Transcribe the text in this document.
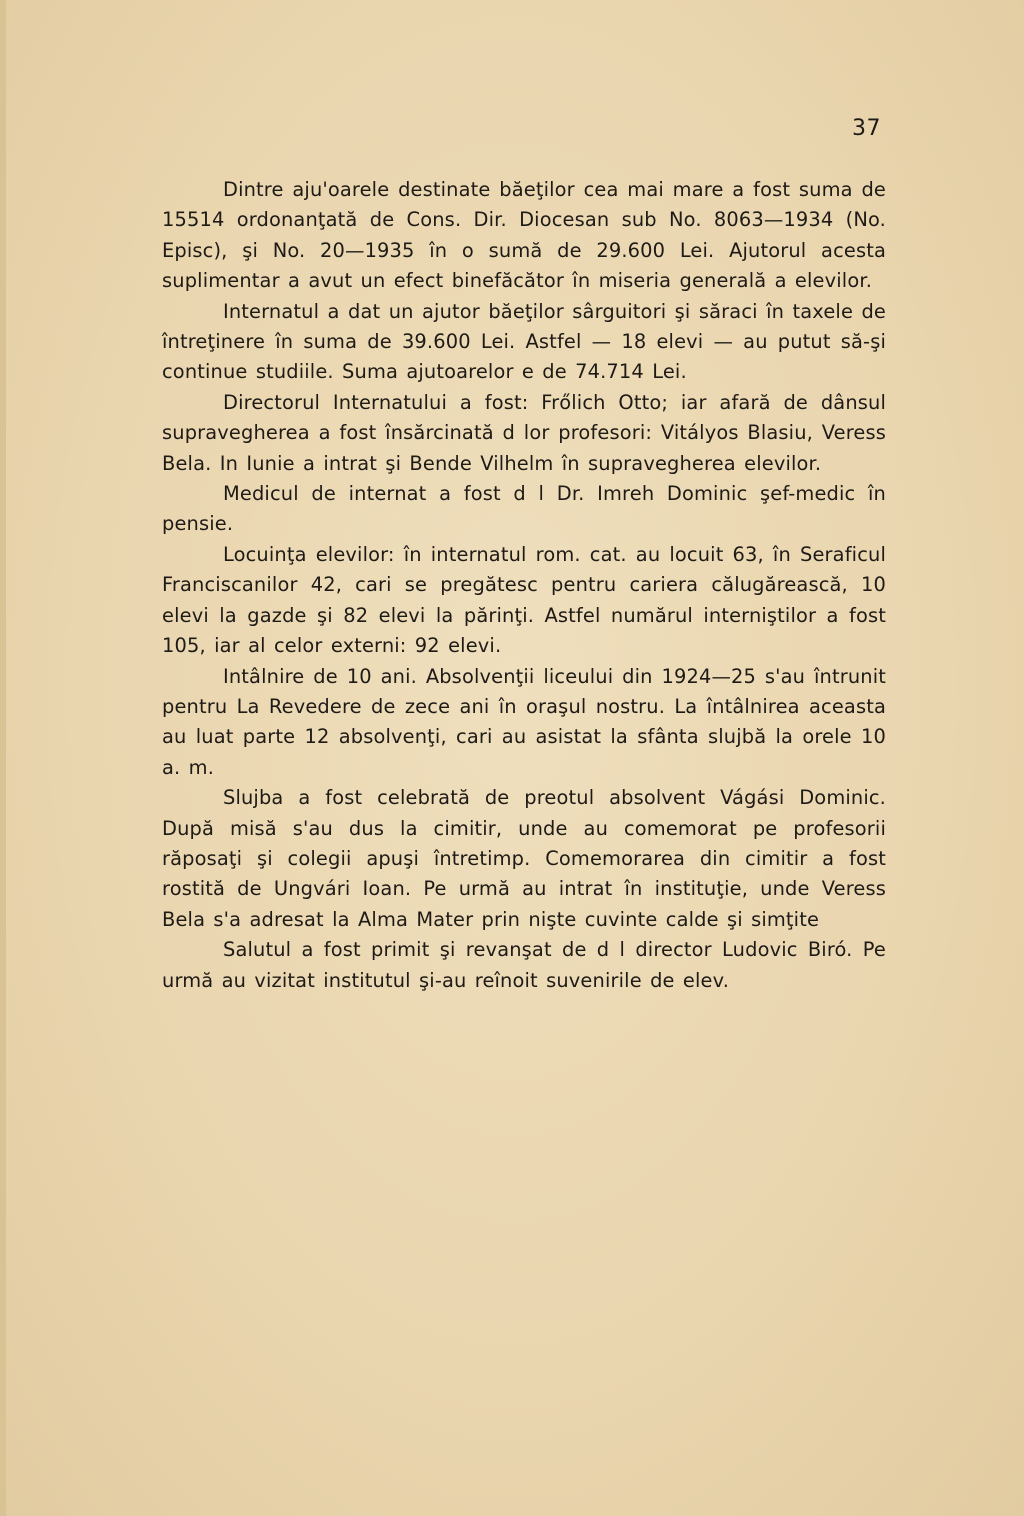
37

Dintre aju'oarele destinate băeţilor cea mai mare a fost suma de 15514 ordonanţată de Cons. Dir. Diocesan sub No. 8063—1934 (No. Episc), şi No. 20—1935 în o sumă de 29.600 Lei. Ajutorul acesta suplimentar a avut un efect binefăcător în miseria generală a elevilor.

Internatul a dat un ajutor băeţilor sârguitori şi săraci în taxele de întreţinere în suma de 39.600 Lei. Astfel — 18 elevi — au putut să-şi continue studiile. Suma ajutoarelor e de 74.714 Lei.

Directorul Internatului a fost: Frőlich Otto; iar afară de dânsul supravegherea a fost însărcinată d lor profesori: Vitályos Blasiu, Veress Bela. In Iunie a intrat şi Bende Vilhelm în supravegherea elevilor.

Medicul de internat a fost d l Dr. Imreh Dominic şef-medic în pensie.

Locuinţa elevilor: în internatul rom. cat. au locuit 63, în Seraficul Franciscanilor 42, cari se pregătesc pentru cariera călugărească, 10 elevi la gazde şi 82 elevi la părinţi. Astfel numărul interniştilor a fost 105, iar al celor externi: 92 elevi.

Intâlnire de 10 ani. Absolvenţii liceului din 1924—25 s'au întrunit pentru La Revedere de zece ani în oraşul nostru. La întâlnirea aceasta au luat parte 12 absolvenţi, cari au asistat la sfânta slujbă la orele 10 a. m.

Slujba a fost celebrată de preotul absolvent Vágási Dominic. După misă s'au dus la cimitir, unde au comemorat pe profesorii răposaţi şi colegii apuşi întretimp. Comemorarea din cimitir a fost rostită de Ungvári Ioan. Pe urmă au intrat în instituţie, unde Veress Bela s'a adresat la Alma Mater prin nişte cuvinte calde şi simţite

Salutul a fost primit şi revanşat de d l director Ludovic Biró. Pe urmă au vizitat institutul şi-au reînoit suvenirile de elev.
